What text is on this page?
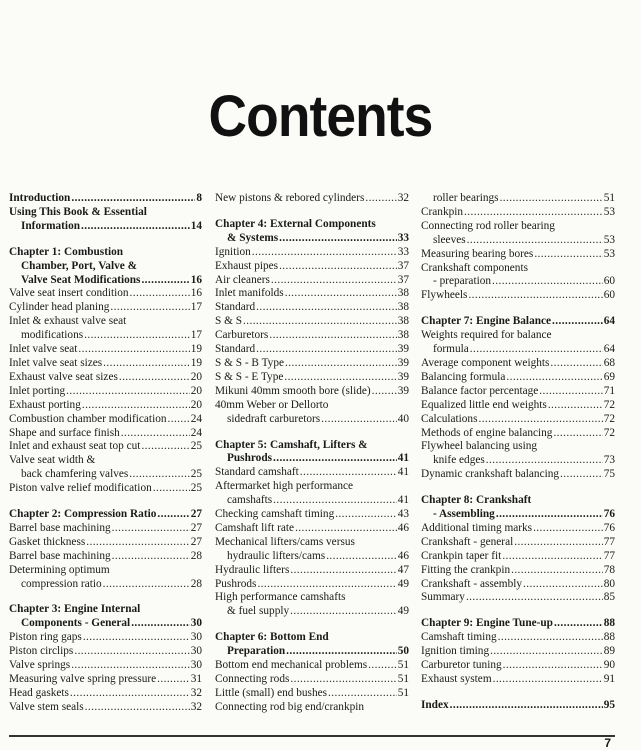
Contents
Introduction .....	8
Using This Book & Essential
Information .....	14
Chapter 1: Combustion
Chamber, Port, Valve &
Valve Seat Modifications .....	16
Valve seat insert condition .....	16
Cylinder head planing .....	17
Inlet & exhaust valve seat
modifications .....	17
Inlet valve seat .....	19
Inlet valve seat sizes .....	19
Exhaust valve seat sizes .....	20
Inlet porting .....	20
Exhaust porting .....	20
Combustion chamber modification ..... 24
Shape and surface finish .....	24
Inlet and exhaust seat top cut .....	25
Valve seat width &
back chamfering valves .....	25
Piston valve relief modification .....	25
Chapter 2: Compression Ratio .....	27
Barrel base machining .....	27
Gasket thickness .....	27
Barrel base machining .....	28
Determining optimum
compression ratio .....	28
Chapter 3: Engine Internal
Components - General .....	30
Piston ring gaps .....	30
Piston circlips .....	30
Valve springs .....	30
Measuring valve spring pressure .....	31
Head gaskets .....	32
Valve stem seals .....	32
New pistons & rebored cylinders .....	32
Chapter 4: External Components
& Systems .....	33
Ignition .....	33
Exhaust pipes .....	37
Air cleaners .....	37
Inlet manifolds .....	38
Standard .....	38
S & S .....	38
Carburetors .....	38
Standard .....	39
S & S - B Type .....	39
S & S - E Type .....	39
Mikuni 40mm smooth bore (slide) ..... 39
40mm Weber or Dellorto
sidedraft carburetors .....	40
Chapter 5: Camshaft, Lifters &
Pushrods .....	41
Standard camshaft .....	41
Aftermarket high performance
camshafts .....	41
Checking camshaft timing .....	43
Camshaft lift rate .....	46
Mechanical lifters/cams versus
hydraulic lifters/cams .....	46
Hydraulic lifters .....	47
Pushrods .....	49
High performance camshafts
& fuel supply .....	49
Chapter 6: Bottom End
Preparation .....	50
Bottom end mechanical problems .....	51
Connecting rods .....	51
Little (small) end bushes .....	51
Connecting rod big end/crankpin
roller bearings .....	51
Crankpin .....	53
Connecting rod roller bearing
sleeves .....	53
Measuring bearing bores .....	53
Crankshaft components
- preparation .....	60
Flywheels .....	60
Chapter 7: Engine Balance .....	64
Weights required for balance
formula .....	64
Average component weights .....	68
Balancing formula .....	69
Balance factor percentage .....	71
Equalized little end weights .....	72
Calculations .....	72
Methods of engine balancing .....	72
Flywheel balancing using
knife edges .....	73
Dynamic crankshaft balancing .....	75
Chapter 8: Crankshaft
- Assembling .....	76
Additional timing marks .....	76
Crankshaft - general .....	77
Crankpin taper fit .....	77
Fitting the crankpin .....	78
Crankshaft - assembly .....	80
Summary .....	85
Chapter 9: Engine Tune-up .....	88
Camshaft timing .....	88
Ignition timing .....	89
Carburetor tuning .....	90
Exhaust system .....	91
Index .....	95
7
